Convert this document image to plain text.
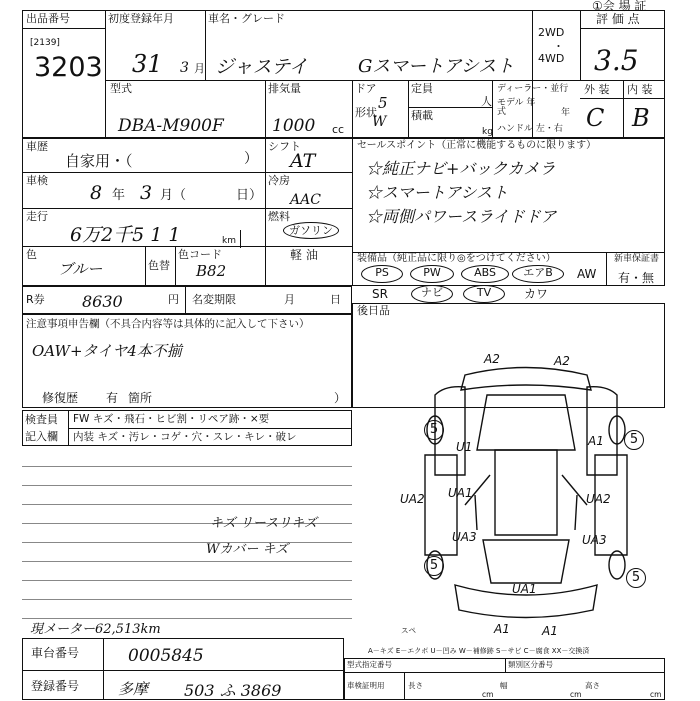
①会 場 証
出品番号
[2139]
3203
初度登録年月
31 3 月
車名・グレード
ジャステイ	Gスマートアシスト
2WD
・
4WD
評 価 点
3.5
外 装 内 装
C B
型式
DBA-M900F
排気量
1000 cc
ドア
5
形状
W
定員
人
積載
kg
ディーラー・並行
モデル 年式	年
ハンドル 左・右
車歴
自家用・（	）
シフト
AT
セールスポイント（正常に機能するものに限ります）
☆純正ナビ+バックカメラ
☆スマートアシスト
☆両側パワースライドドア
車検
8 年 3 月（	日）
冷房
AAC
走行
6万2千5 1 1	km
燃料
ガソリン
軽 油
色
ブルー	色替
色コード
B82
装備品（純正品に限り◎をつけてください）	新車保証書
有・無
PS	PW	ABS	エアB	AW
SR	ナビ	TV	カワ
R券 8630	円 名変期限	月	日
後日品
注意事項申告欄（不具合内容等は具体的に記入して下さい）
OAW+タイヤ4本不揃
修復歴 有 箇所	）
検査員
記入欄
FW キズ・飛石・ヒビ割・リペア跡・×要
内装 キズ・汚レ・コゲ・穴・スレ・キレ・破レ
キズ リースリキズ
Wカバー キズ
現メーター62,513km
A2	A2
5
U1	A1	5
UA2 UA1	UA2
UA3	UA3
5
UA1
A1	A1
5
スペ
A－キズ E－エクボ U－凹み W－補修跡 S－サビ C－腐食 XX－交換済
車台番号	0005845
登録番号	多摩 503 ふ 3869
型式指定番号	類別区分番号
車検証明用	長さ
cm
幅
cm
高さ
cm
